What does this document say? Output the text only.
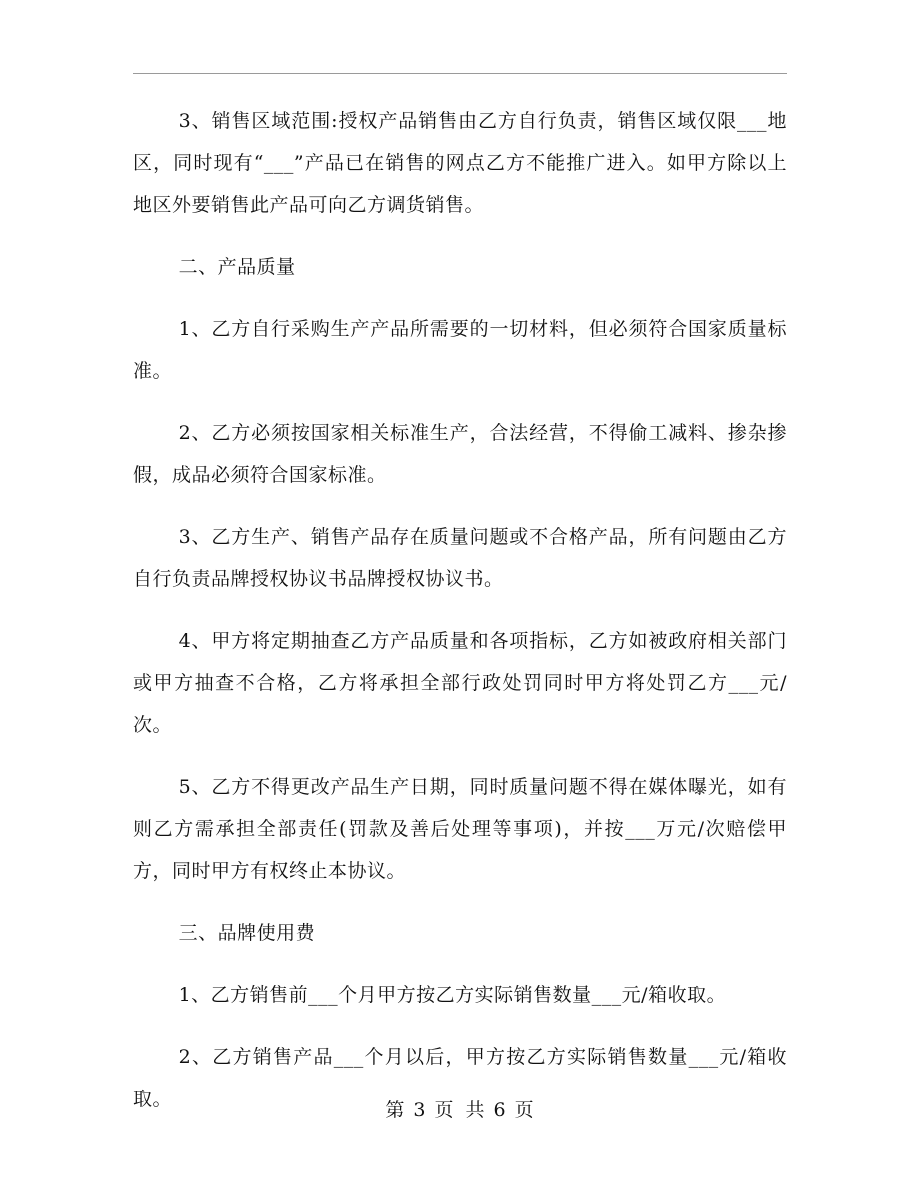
3、销售区域范围:授权产品销售由乙方自行负责，销售区域仅限___地区，同时现有“___”产品已在销售的网点乙方不能推广进入。如甲方除以上地区外要销售此产品可向乙方调货销售。

二、产品质量

1、乙方自行采购生产产品所需要的一切材料，但必须符合国家质量标准。

2、乙方必须按国家相关标准生产，合法经营，不得偷工减料、掺杂掺假，成品必须符合国家标准。

3、乙方生产、销售产品存在质量问题或不合格产品，所有问题由乙方自行负责品牌授权协议书品牌授权协议书。

4、甲方将定期抽查乙方产品质量和各项指标，乙方如被政府相关部门或甲方抽查不合格，乙方将承担全部行政处罚同时甲方将处罚乙方___元/次。

5、乙方不得更改产品生产日期，同时质量问题不得在媒体曝光，如有则乙方需承担全部责任(罚款及善后处理等事项)，并按___万元/次赔偿甲方，同时甲方有权终止本协议。

三、品牌使用费

1、乙方销售前___个月甲方按乙方实际销售数量___元/箱收取。

2、乙方销售产品___个月以后，甲方按乙方实际销售数量___元/箱收取。	第 3 页 共 6 页
